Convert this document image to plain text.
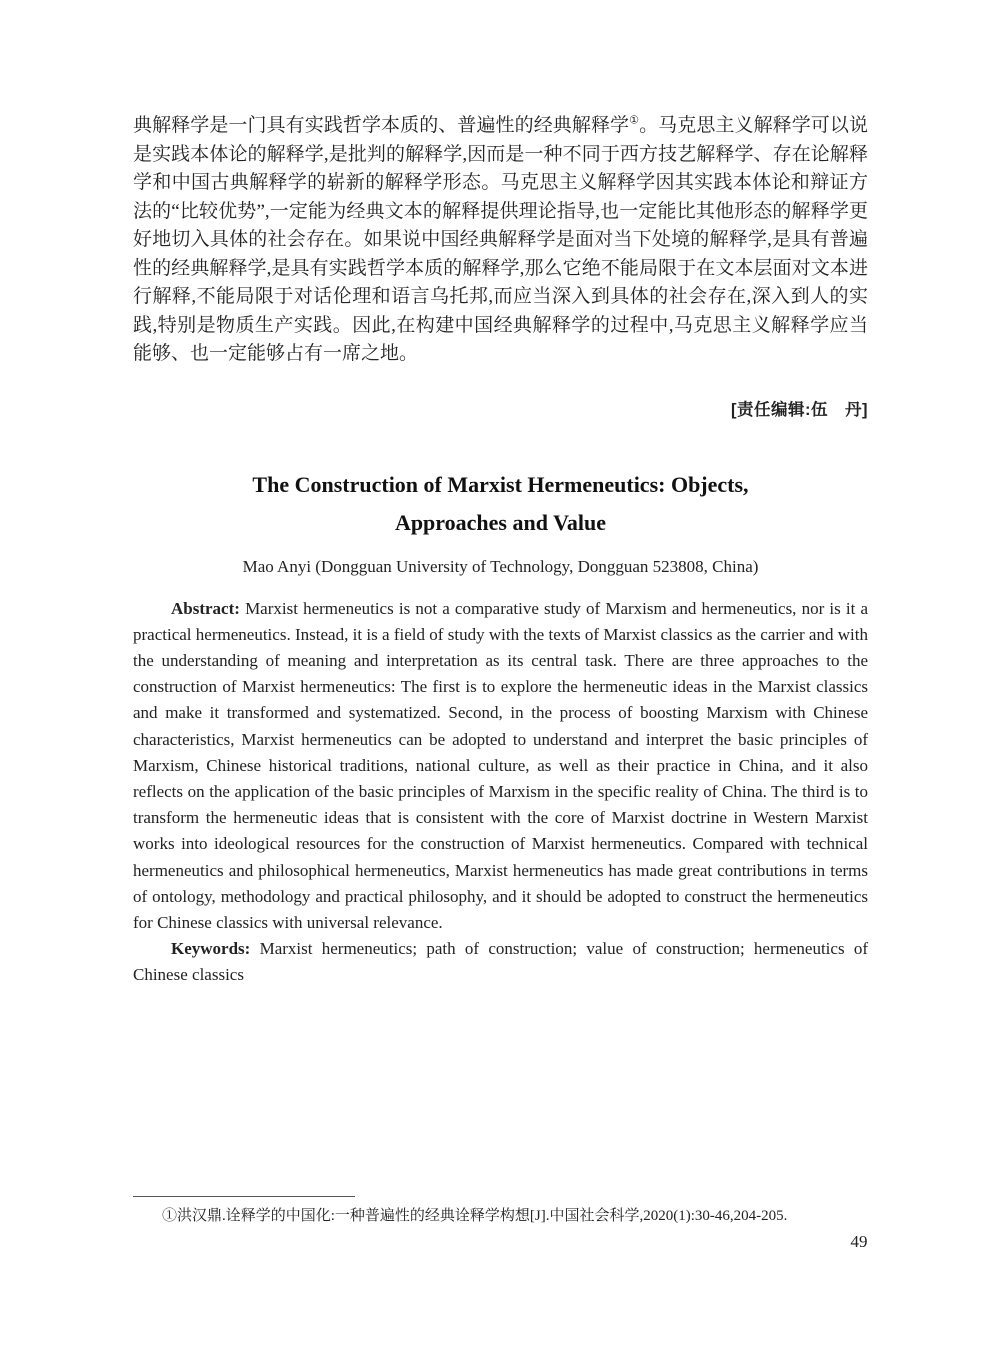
典解释学是一门具有实践哲学本质的、普遍性的经典解释学①。马克思主义解释学可以说是实践本体论的解释学,是批判的解释学,因而是一种不同于西方技艺解释学、存在论解释学和中国古典解释学的崭新的解释学形态。马克思主义解释学因其实践本体论和辩证方法的“比较优势”,一定能为经典文本的解释提供理论指导,也一定能比其他形态的解释学更好地切入具体的社会存在。如果说中国经典解释学是面对当下处境的解释学,是具有普遍性的经典解释学,是具有实践哲学本质的解释学,那么它绝不能局限于在文本层面对文本进行解释,不能局限于对话伦理和语言乌托邦,而应当深入到具体的社会存在,深入到人的实践,特别是物质生产实践。因此,在构建中国经典解释学的过程中,马克思主义解释学应当能够、也一定能够占有一席之地。

[责任编辑:伍　丹]

The Construction of Marxist Hermeneutics: Objects,
Approaches and Value

Mao Anyi (Dongguan University of Technology, Dongguan 523808, China)

Abstract: Marxist hermeneutics is not a comparative study of Marxism and hermeneutics, nor is it a practical hermeneutics. Instead, it is a field of study with the texts of Marxist classics as the carrier and with the understanding of meaning and interpretation as its central task. There are three approaches to the construction of Marxist hermeneutics: The first is to explore the hermeneutic ideas in the Marxist classics and make it transformed and systematized. Second, in the process of boosting Marxism with Chinese characteristics, Marxist hermeneutics can be adopted to understand and interpret the basic principles of Marxism, Chinese historical traditions, national culture, as well as their practice in China, and it also reflects on the application of the basic principles of Marxism in the specific reality of China. The third is to transform the hermeneutic ideas that is consistent with the core of Marxist doctrine in Western Marxist works into ideological resources for the construction of Marxist hermeneutics. Compared with technical hermeneutics and philosophical hermeneutics, Marxist hermeneutics has made great contributions in terms of ontology, methodology and practical philosophy, and it should be adopted to construct the hermeneutics for Chinese classics with universal relevance.

Keywords: Marxist hermeneutics; path of construction; value of construction; hermeneutics of Chinese classics

①洪汉鼎.诠释学的中国化:一种普遍性的经典诠释学构想[J].中国社会科学,2020(1):30-46,204-205.

49
